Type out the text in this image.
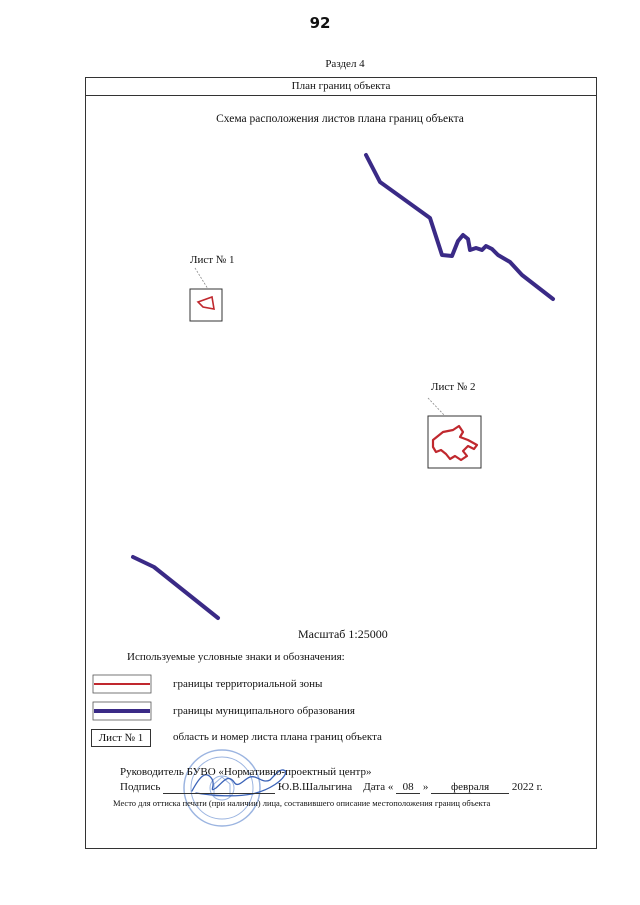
92
Раздел 4
План границ объекта
Схема расположения листов плана границ объекта
Лист № 1
Лист № 2
Масштаб 1:25000
Используемые условные знаки и обозначения:
границы территориальной зоны
границы муниципального образования
Лист № 1	область и номер листа плана границ объекта
Руководитель БУВО «Нормативно-проектный центр»
Подпись	Ю.В.Шалыгина Дата « 08 » февраля 2022 г.
Место для оттиска печати (при наличии) лица, составившего описание местоположения границ объекта
